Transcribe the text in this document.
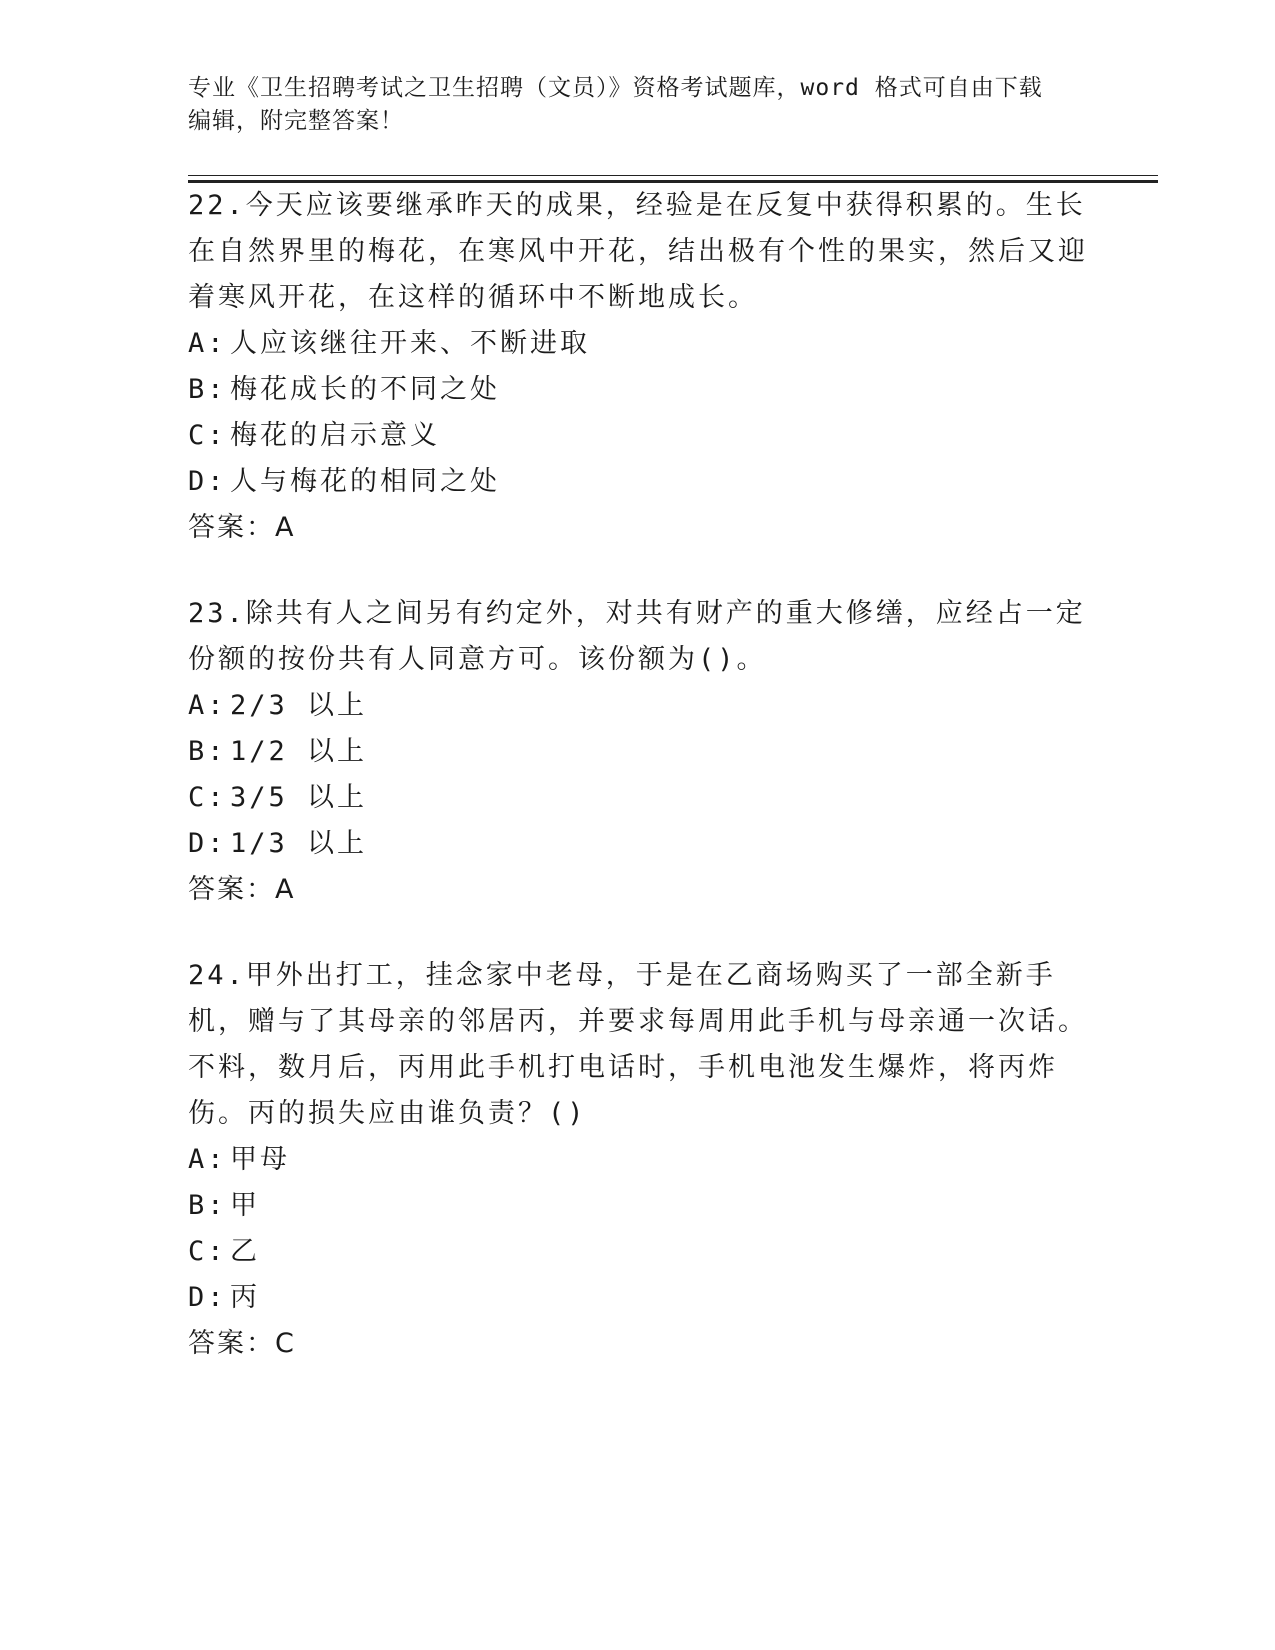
专业《卫生招聘考试之卫生招聘（文员）》资格考试题库，word 格式可自由下载
编辑，附完整答案！

22.今天应该要继承昨天的成果，经验是在反复中获得积累的。生长在自然界里的梅花，在寒风中开花，结出极有个性的果实，然后又迎着寒风开花，在这样的循环中不断地成长。

A: 人应该继往开来、不断进取

B: 梅花成长的不同之处

C: 梅花的启示意义

D: 人与梅花的相同之处

答案：A

23.除共有人之间另有约定外，对共有财产的重大修缮，应经占一定份额的按份共有人同意方可。该份额为()。

A: 2/3 以上

B: 1/2 以上

C: 3/5 以上

D: 1/3 以上

答案：A

24.甲外出打工，挂念家中老母，于是在乙商场购买了一部全新手机，赠与了其母亲的邻居丙，并要求每周用此手机与母亲通一次话。不料，数月后，丙用此手机打电话时，手机电池发生爆炸，将丙炸伤。丙的损失应由谁负责？()

A: 甲母

B: 甲

C: 乙

D: 丙

答案：C
